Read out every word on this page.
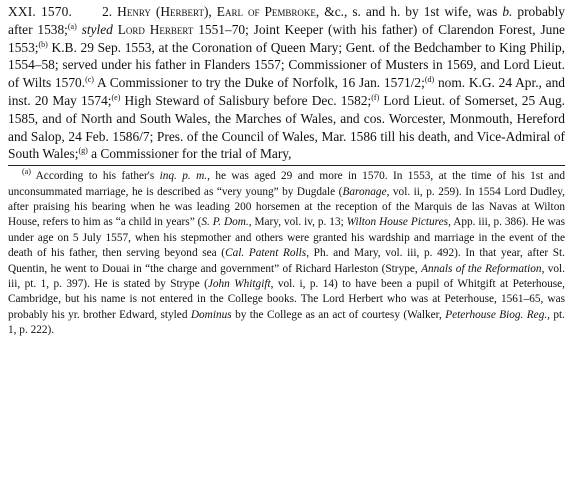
XXI. 1570. 2. Henry (Herbert), Earl of Pembroke, &c., s. and h. by 1st wife, was b. probably after 1538;$^{(a)}$ styled Lord Herbert 1551–70; Joint Keeper (with his father) of Clarendon Forest, June 1553;$^{(b)}$ K.B. 29 Sep. 1553, at the Coronation of Queen Mary; Gent. of the Bedchamber to King Philip, 1554–58; served under his father in Flanders 1557; Commissioner of Musters in 1569, and Lord Lieut. of Wilts 1570.$^{(c)}$ A Commissioner to try the Duke of Norfolk, 16 Jan. 1571/2;$^{(d)}$ nom. K.G. 24 Apr., and inst. 20 May 1574;$^{(e)}$ High Steward of Salisbury before Dec. 1582;$^{(f)}$ Lord Lieut. of Somerset, 25 Aug. 1585, and of North and South Wales, the Marches of Wales, and cos. Worcester, Monmouth, Hereford and Salop, 24 Feb. 1586/7; Pres. of the Council of Wales, Mar. 1586 till his death, and Vice-Admiral of South Wales;$^{(g)}$ a Commissioner for the trial of Mary,

$^{(a)}$ According to his father's inq. p. m., he was aged 29 and more in 1570. In 1553, at the time of his 1st and unconsummated marriage, he is described as “very young” by Dugdale (Baronage, vol. ii, p. 259). In 1554 Lord Dudley, after praising his bearing when he was leading 200 horsemen at the reception of the Marquis de las Navas at Wilton House, refers to him as “a child in years” (S. P. Dom., Mary, vol. iv, p. 13; Wilton House Pictures, App. iii, p. 386). He was under age on 5 July 1557, when his stepmother and others were granted his wardship and marriage in the event of the death of his father, then serving beyond sea (Cal. Patent Rolls, Ph. and Mary, vol. iii, p. 492). In that year, after St. Quentin, he went to Douai in “the charge and government” of Richard Harleston (Strype, Annals of the Reformation, vol. iii, pt. 1, p. 397). He is stated by Strype (John Whitgift, vol. i, p. 14) to have been a pupil of Whitgift at Peterhouse, Cambridge, but his name is not entered in the College books. The Lord Herbert who was at Peterhouse, 1561–65, was probably his yr. brother Edward, styled Dominus by the College as an act of courtesy (Walker, Peterhouse Biog. Reg., pt. 1, p. 222).
